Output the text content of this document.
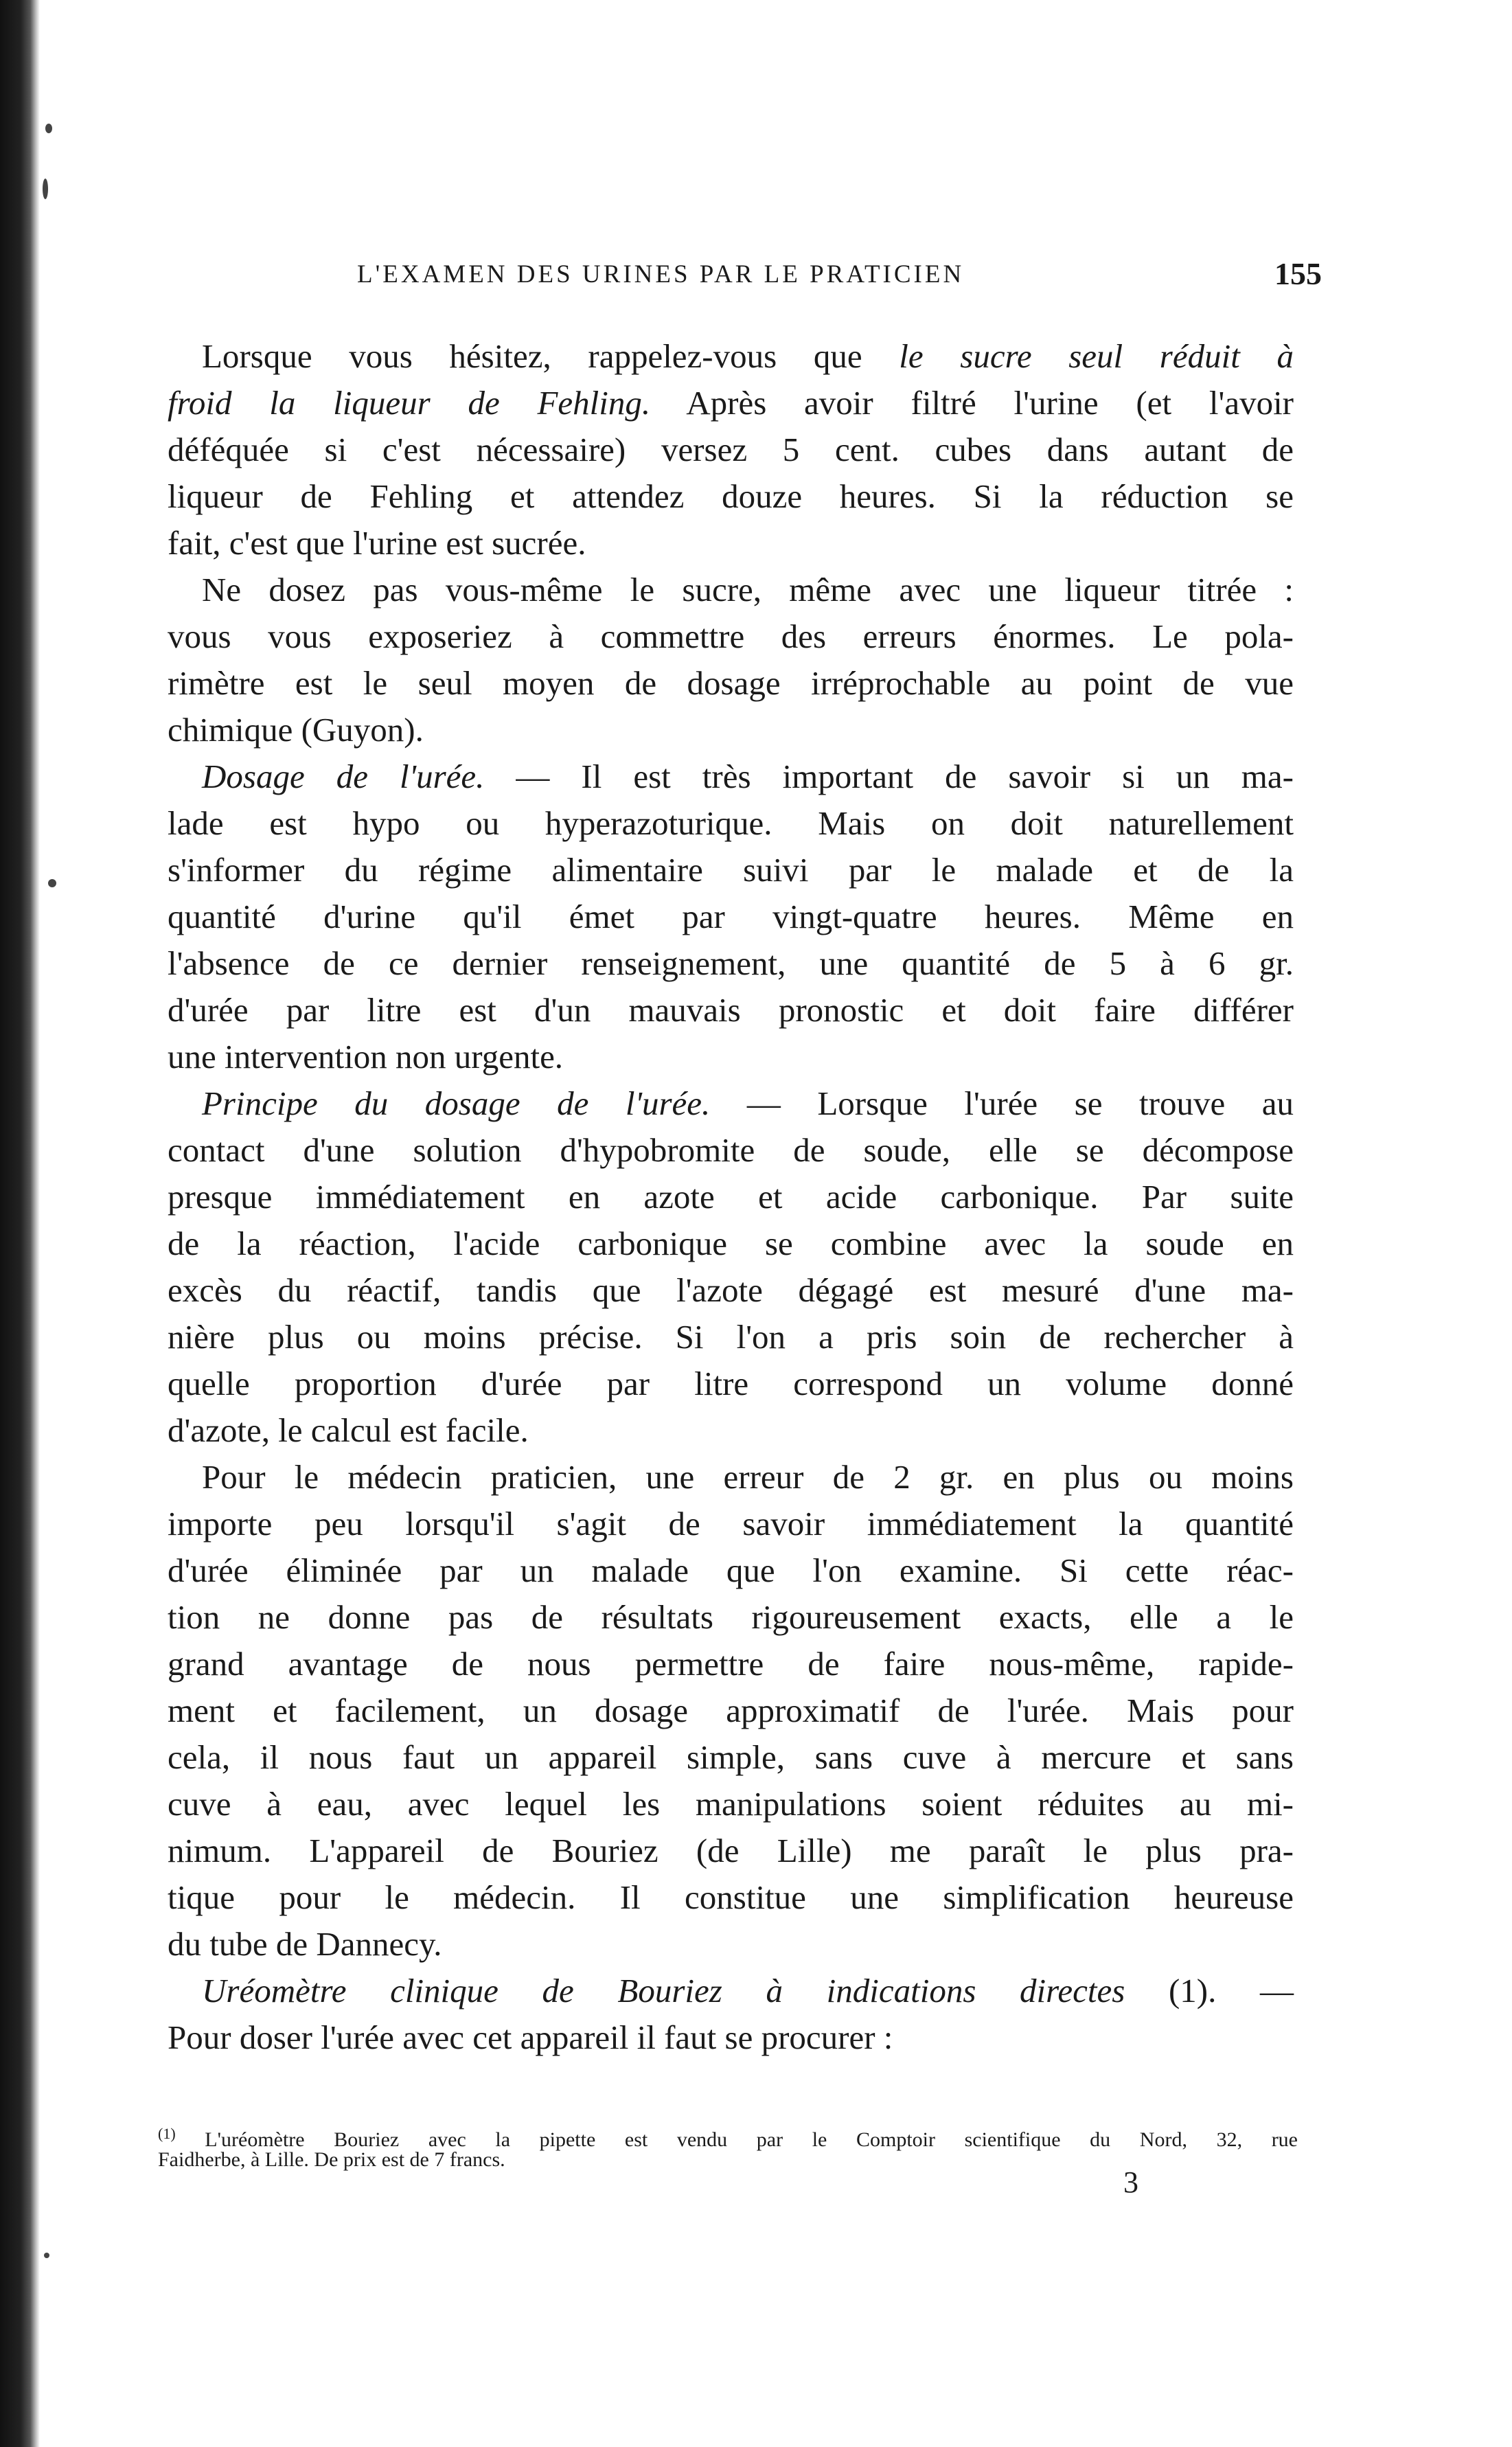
L'EXAMEN DES URINES PAR LE PRATICIEN	155
Lorsque vous hésitez, rappelez-vous que le sucre seul réduit à
froid la liqueur de Fehling. Après avoir filtré l'urine (et l'avoir
déféquée si c'est nécessaire) versez 5 cent. cubes dans autant de
liqueur de Fehling et attendez douze heures. Si la réduction se
fait, c'est que l'urine est sucrée.
Ne dosez pas vous-même le sucre, même avec une liqueur titrée :
vous vous exposeriez à commettre des erreurs énormes. Le pola-
rimètre est le seul moyen de dosage irréprochable au point de vue
chimique (Guyon).
Dosage de l'urée. — Il est très important de savoir si un ma-
lade est hypo ou hyperazoturique. Mais on doit naturellement
s'informer du régime alimentaire suivi par le malade et de la
quantité d'urine qu'il émet par vingt-quatre heures. Même en
l'absence de ce dernier renseignement, une quantité de 5 à 6 gr.
d'urée par litre est d'un mauvais pronostic et doit faire différer
une intervention non urgente.
Principe du dosage de l'urée. — Lorsque l'urée se trouve au
contact d'une solution d'hypobromite de soude, elle se décompose
presque immédiatement en azote et acide carbonique. Par suite
de la réaction, l'acide carbonique se combine avec la soude en
excès du réactif, tandis que l'azote dégagé est mesuré d'une ma-
nière plus ou moins précise. Si l'on a pris soin de rechercher à
quelle proportion d'urée par litre correspond un volume donné
d'azote, le calcul est facile.
Pour le médecin praticien, une erreur de 2 gr. en plus ou moins
importe peu lorsqu'il s'agit de savoir immédiatement la quantité
d'urée éliminée par un malade que l'on examine. Si cette réac-
tion ne donne pas de résultats rigoureusement exacts, elle a le
grand avantage de nous permettre de faire nous-même, rapide-
ment et facilement, un dosage approximatif de l'urée. Mais pour
cela, il nous faut un appareil simple, sans cuve à mercure et sans
cuve à eau, avec lequel les manipulations soient réduites au mi-
nimum. L'appareil de Bouriez (de Lille) me paraît le plus pra-
tique pour le médecin. Il constitue une simplification heureuse
du tube de Dannecy.
Uréomètre clinique de Bouriez à indications directes (1). —
Pour doser l'urée avec cet appareil il faut se procurer :
$^{(1)}$ L'uréomètre Bouriez avec la pipette est vendu par le Comptoir scientifique du Nord, 32, rue
Faidherbe, à Lille. De prix est de 7 francs.
3
